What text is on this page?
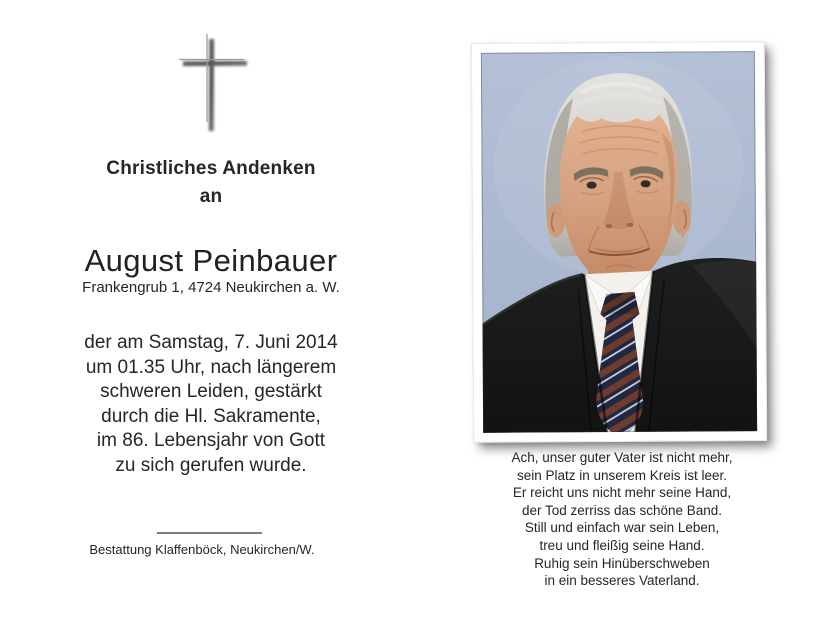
Christliches Andenken
an
August Peinbauer
Frankengrub 1, 4724 Neukirchen a. W.
der am Samstag, 7. Juni 2014
um 01.35 Uhr, nach längerem
schweren Leiden, gestärkt
durch die Hl. Sakramente,
im 86. Lebensjahr von Gott
zu sich gerufen wurde.
Bestattung Klaffenböck, Neukirchen/W.
Ach, unser guter Vater ist nicht mehr,
sein Platz in unserem Kreis ist leer.
Er reicht uns nicht mehr seine Hand,
der Tod zerriss das schöne Band.
Still und einfach war sein Leben,
treu und fleißig seine Hand.
Ruhig sein Hinüberschweben
in ein besseres Vaterland.
